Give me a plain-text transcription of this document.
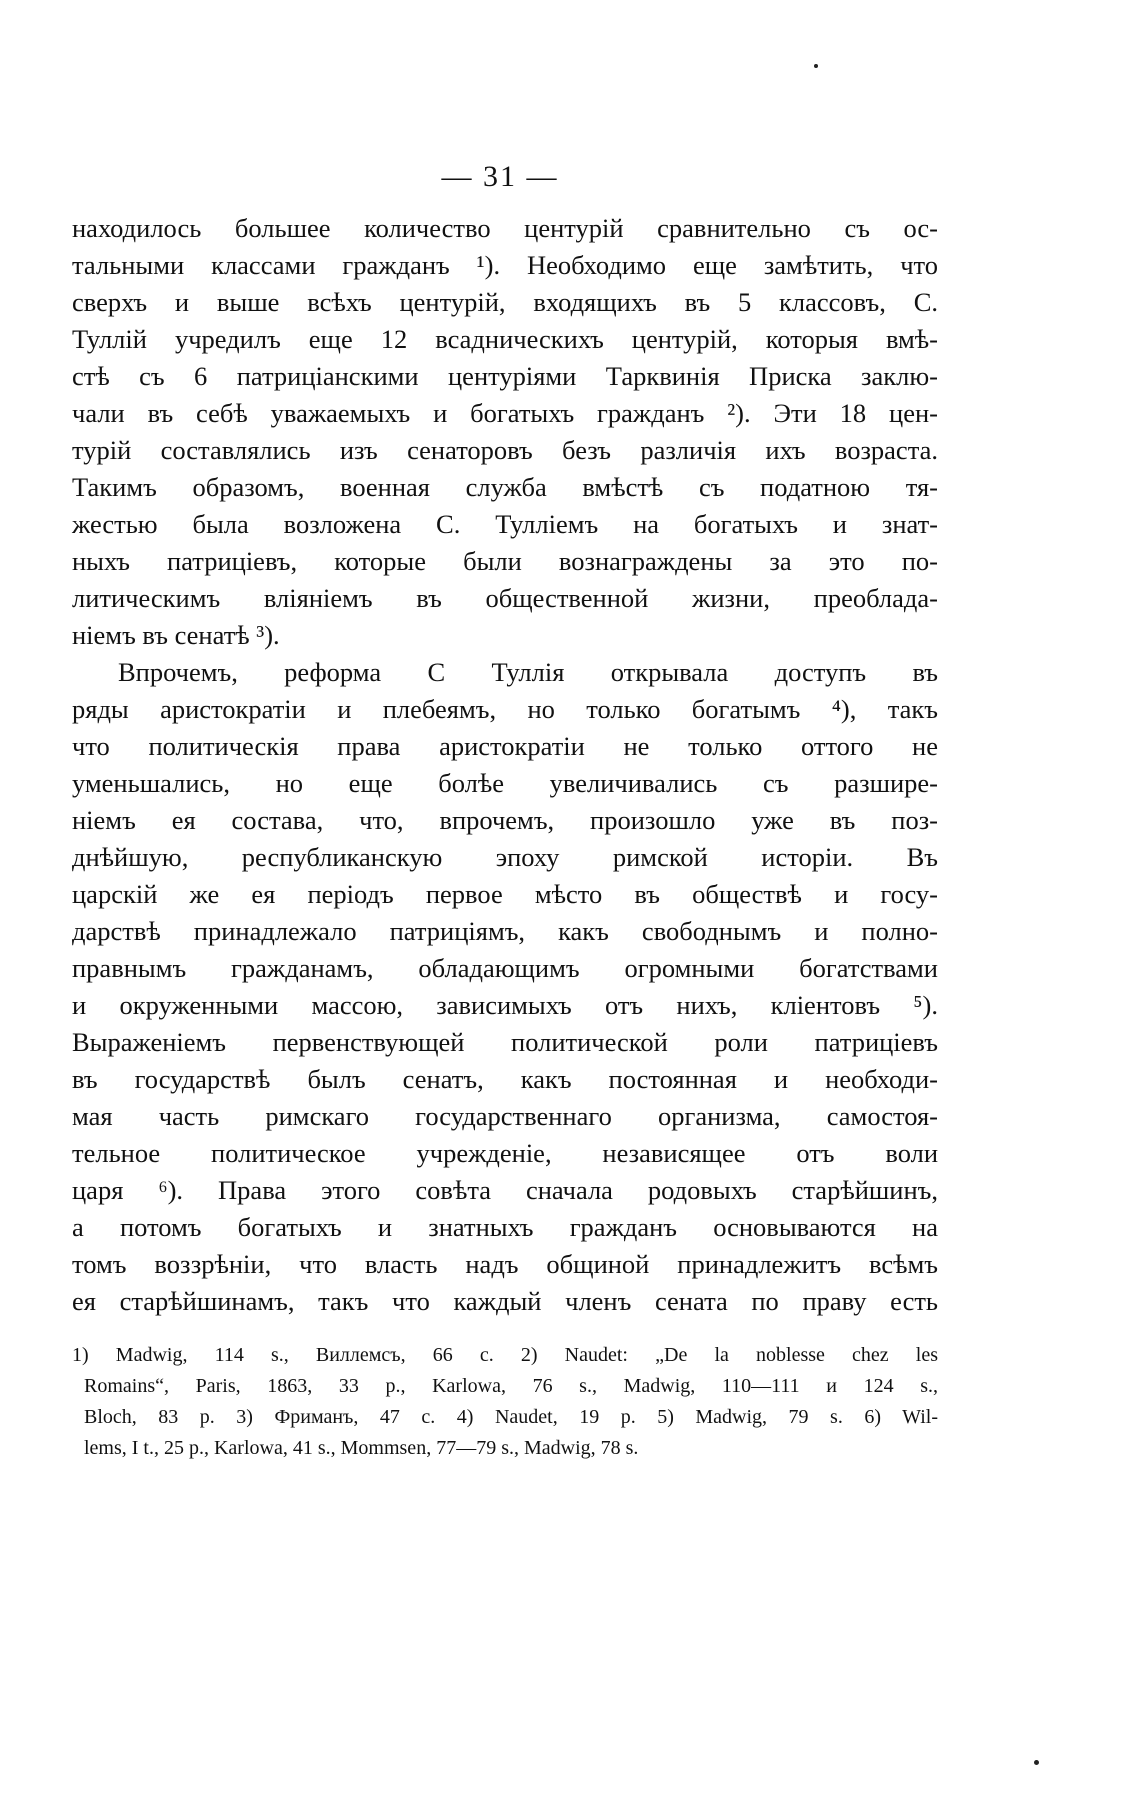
— 31 —
находилось большее количество центурій сравнительно съ ос-
тальными классами гражданъ ¹). Необходимо еще замѣтить, что
сверхъ и выше всѣхъ центурій, входящихъ въ 5 классовъ, С.
Туллій учредилъ еще 12 всадническихъ центурій, которыя вмѣ-
стѣ съ 6 патриціанскими центуріями Тарквинія Приска заклю-
чали въ себѣ уважаемыхъ и богатыхъ гражданъ ²). Эти 18 цен-
турій составлялись изъ сенаторовъ безъ различія ихъ возраста.
Такимъ образомъ, военная служба вмѣстѣ съ податною тя-
жестью была возложена С. Тулліемъ на богатыхъ и знат-
ныхъ патриціевъ, которые были вознаграждены за это по-
литическимъ вліяніемъ въ общественной жизни, преоблада-
ніемъ въ сенатѣ ³).
Впрочемъ, реформа С Туллія открывала доступъ въ
ряды аристократіи и плебеямъ, но только богатымъ ⁴), такъ
что политическія права аристократіи не только оттого не
уменьшались, но еще болѣе увеличивались съ разшире-
ніемъ ея состава, что, впрочемъ, произошло уже въ поз-
днѣйшую, республиканскую эпоху римской исторіи. Въ
царскій же ея періодъ первое мѣсто въ обществѣ и госу-
дарствѣ принадлежало патриціямъ, какъ свободнымъ и полно-
правнымъ гражданамъ, обладающимъ огромными богатствами
и окруженными массою, зависимыхъ отъ нихъ, кліентовъ ⁵).
Выраженіемъ первенствующей политической роли патриціевъ
въ государствѣ былъ сенатъ, какъ постоянная и необходи-
мая часть римскаго государственнаго организма, самостоя-
тельное политическое учрежденіе, независящее отъ воли
царя ⁶). Права этого совѣта сначала родовыхъ старѣйшинъ,
а потомъ богатыхъ и знатныхъ гражданъ основываются на
томъ воззрѣніи, что власть надъ общиной принадлежитъ всѣмъ
ея старѣйшинамъ, такъ что каждый членъ сената по праву есть
1) Madwig, 114 s., Виллемсъ, 66 c. 2) Naudet: „De la noblesse chez les
Romains“, Paris, 1863, 33 p., Karlowa, 76 s., Madwig, 110—111 и 124 s.,
Bloch, 83 p. 3) Фриманъ, 47 c. 4) Naudet, 19 p. 5) Madwig, 79 s. 6) Wil-
lems, I t., 25 p., Karlowa, 41 s., Mommsen, 77—79 s., Madwig, 78 s.
